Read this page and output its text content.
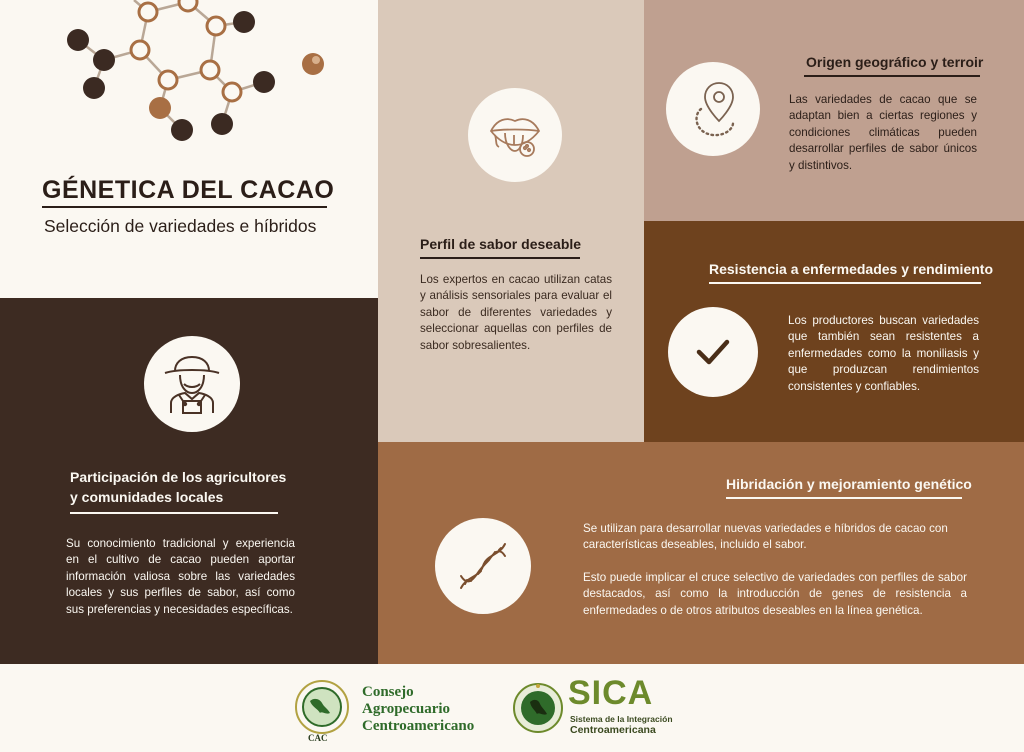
GÉNETICA DEL CACAO
Selección de variedades e híbridos
Perfil de sabor deseable
Los expertos en cacao utilizan catas y análisis sensoriales para evaluar el sabor de diferentes variedades y seleccionar aquellas con perfiles de sabor sobresalientes.
Origen geográfico y terroir
Las variedades de cacao que se adaptan bien a ciertas regiones y condiciones climáticas pueden desarrollar perfiles de sabor únicos y distintivos.
Resistencia a enfermedades y rendimiento
Los productores buscan variedades que también sean resistentes a enfermedades como la moniliasis y que produzcan rendimientos consistentes y confiables.
Participación de los agricultores
y comunidades locales
Su conocimiento tradicional y experiencia en el cultivo de cacao pueden aportar información valiosa sobre las variedades locales y sus perfiles de sabor, así como sus preferencias y necesidades específicas.
Hibridación y mejoramiento genético
Se utilizan para desarrollar nuevas variedades e híbridos de cacao con características deseables, incluido el sabor.
Esto puede implicar el cruce selectivo de variedades con perfiles de sabor destacados, así como la introducción de genes de resistencia a enfermedades o de otros atributos deseables en la línea genética.
CAC
Consejo
Agropecuario
Centroamericano
SICA
Sistema de la Integración
Centroamericana
